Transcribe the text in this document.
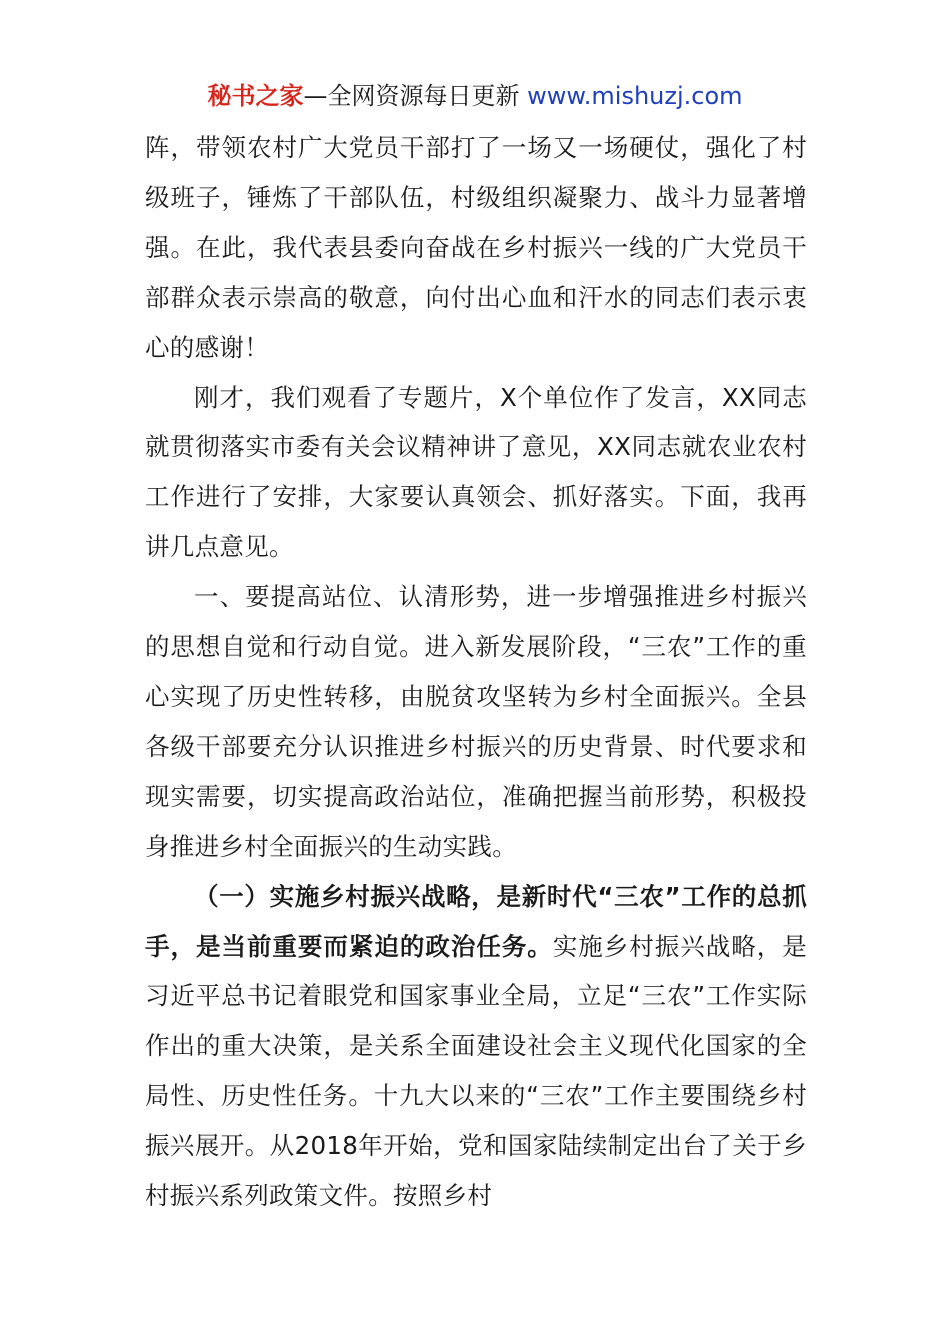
秘书之家—全网资源每日更新 www.mishuzj.com

阵，带领农村广大党员干部打了一场又一场硬仗，强化了村级班子，锤炼了干部队伍，村级组织凝聚力、战斗力显著增强。在此，我代表县委向奋战在乡村振兴一线的广大党员干部群众表示崇高的敬意，向付出心血和汗水的同志们表示衷心的感谢！

刚才，我们观看了专题片，X个单位作了发言，XX同志就贯彻落实市委有关会议精神讲了意见，XX同志就农业农村工作进行了安排，大家要认真领会、抓好落实。下面，我再讲几点意见。

一、要提高站位、认清形势，进一步增强推进乡村振兴的思想自觉和行动自觉。进入新发展阶段，“三农”工作的重心实现了历史性转移，由脱贫攻坚转为乡村全面振兴。全县各级干部要充分认识推进乡村振兴的历史背景、时代要求和现实需要，切实提高政治站位，准确把握当前形势，积极投身推进乡村全面振兴的生动实践。

（一）实施乡村振兴战略，是新时代“三农”工作的总抓手，是当前重要而紧迫的政治任务。实施乡村振兴战略，是习近平总书记着眼党和国家事业全局，立足“三农”工作实际作出的重大决策，是关系全面建设社会主义现代化国家的全局性、历史性任务。十九大以来的“三农”工作主要围绕乡村振兴展开。从2018年开始，党和国家陆续制定出台了关于乡村振兴系列政策文件。按照乡村
